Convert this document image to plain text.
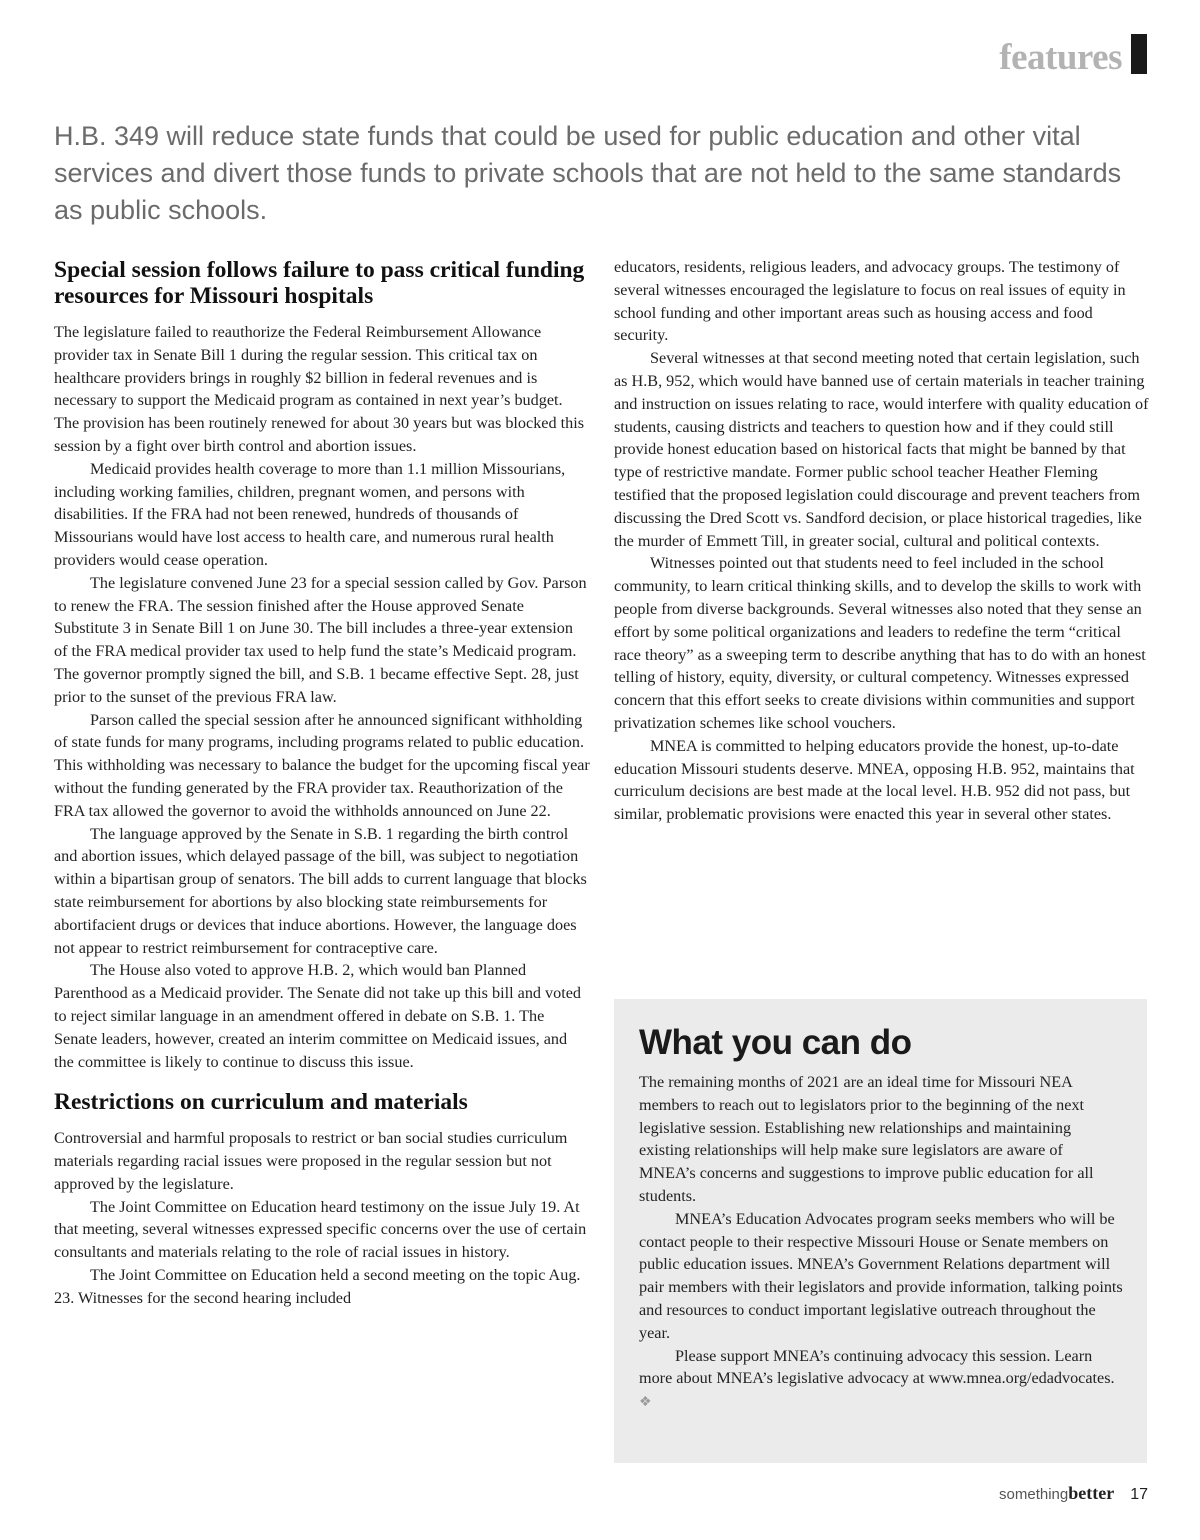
features
H.B. 349 will reduce state funds that could be used for public education and other vital services and divert those funds to private schools that are not held to the same standards as public schools.
Special session follows failure to pass critical funding resources for Missouri hospitals

The legislature failed to reauthorize the Federal Reimbursement Allowance provider tax in Senate Bill 1 during the regular session. This critical tax on healthcare providers brings in roughly $2 billion in federal revenues and is necessary to support the Medicaid program as contained in next year’s budget. The provision has been routinely renewed for about 30 years but was blocked this session by a fight over birth control and abortion issues.

Medicaid provides health coverage to more than 1.1 million Missourians, including working families, children, pregnant women, and persons with disabilities. If the FRA had not been renewed, hundreds of thousands of Missourians would have lost access to health care, and numerous rural health providers would cease operation.

The legislature convened June 23 for a special session called by Gov. Parson to renew the FRA. The session finished after the House approved Senate Substitute 3 in Senate Bill 1 on June 30. The bill includes a three-year extension of the FRA medical provider tax used to help fund the state’s Medicaid program. The governor promptly signed the bill, and S.B. 1 became effective Sept. 28, just prior to the sunset of the previous FRA law.

Parson called the special session after he announced significant withholding of state funds for many programs, including programs related to public education. This withholding was necessary to balance the budget for the upcoming fiscal year without the funding generated by the FRA provider tax. Reauthorization of the FRA tax allowed the governor to avoid the withholds announced on June 22.

The language approved by the Senate in S.B. 1 regarding the birth control and abortion issues, which delayed passage of the bill, was subject to negotiation within a bipartisan group of senators. The bill adds to current language that blocks state reimbursement for abortions by also blocking state reimbursements for abortifacient drugs or devices that induce abortions. However, the language does not appear to restrict reimbursement for contraceptive care.

The House also voted to approve H.B. 2, which would ban Planned Parenthood as a Medicaid provider. The Senate did not take up this bill and voted to reject similar language in an amendment offered in debate on S.B. 1. The Senate leaders, however, created an interim committee on Medicaid issues, and the committee is likely to continue to discuss this issue.

Restrictions on curriculum and materials

Controversial and harmful proposals to restrict or ban social studies curriculum materials regarding racial issues were proposed in the regular session but not approved by the legislature.

The Joint Committee on Education heard testimony on the issue July 19. At that meeting, several witnesses expressed specific concerns over the use of certain consultants and materials relating to the role of racial issues in history.

The Joint Committee on Education held a second meeting on the topic Aug. 23. Witnesses for the second hearing included

educators, residents, religious leaders, and advocacy groups. The testimony of several witnesses encouraged the legislature to focus on real issues of equity in school funding and other important areas such as housing access and food security.

Several witnesses at that second meeting noted that certain legislation, such as H.B, 952, which would have banned use of certain materials in teacher training and instruction on issues relating to race, would interfere with quality education of students, causing districts and teachers to question how and if they could still provide honest education based on historical facts that might be banned by that type of restrictive mandate. Former public school teacher Heather Fleming testified that the proposed legislation could discourage and prevent teachers from discussing the Dred Scott vs. Sandford decision, or place historical tragedies, like the murder of Emmett Till, in greater social, cultural and political contexts.

Witnesses pointed out that students need to feel included in the school community, to learn critical thinking skills, and to develop the skills to work with people from diverse backgrounds. Several witnesses also noted that they sense an effort by some political organizations and leaders to redefine the term “critical race theory” as a sweeping term to describe anything that has to do with an honest telling of history, equity, diversity, or cultural competency. Witnesses expressed concern that this effort seeks to create divisions within communities and support privatization schemes like school vouchers.

MNEA is committed to helping educators provide the honest, up-to-date education Missouri students deserve. MNEA, opposing H.B. 952, maintains that curriculum decisions are best made at the local level. H.B. 952 did not pass, but similar, problematic provisions were enacted this year in several other states.

What you can do

The remaining months of 2021 are an ideal time for Missouri NEA members to reach out to legislators prior to the beginning of the next legislative session. Establishing new relationships and maintaining existing relationships will help make sure legislators are aware of MNEA’s concerns and suggestions to improve public education for all students.

MNEA’s Education Advocates program seeks members who will be contact people to their respective Missouri House or Senate members on public education issues. MNEA’s Government Relations department will pair members with their legislators and provide information, talking points and resources to conduct important legislative outreach throughout the year.

Please support MNEA’s continuing advocacy this session. Learn more about MNEA’s legislative advocacy at www.mnea.org/edadvocates. ❖

somethingbetter 17
